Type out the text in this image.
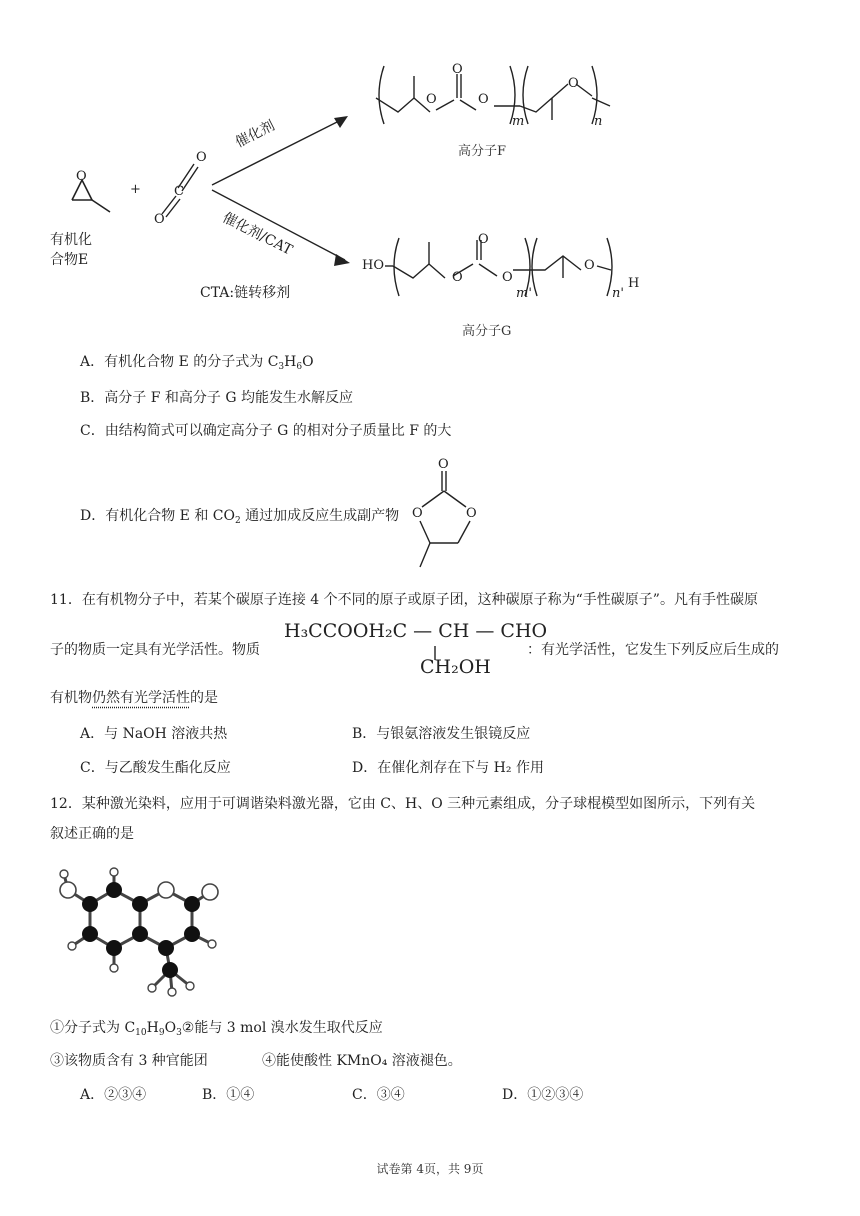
O
有机化
合物E
+
O
C
O
催化剂
催化剂/CAT
CTA:链转移剂
O
O
O
O
m	n
高分子F
HO
O
O
O
O
m'	n'
H
高分子G
A．有机化合物 E 的分子式为 $C_3H_6O$
B．高分子 F 和高分子 G 均能发生水解反应
C．由结构简式可以确定高分子 G 的相对分子质量比 F 的大
D．有机化合物 E 和 $CO_2$ 通过加成反应生成副产物
O
O	O
11．在有机物分子中，若某个碳原子连接 4 个不同的原子或原子团，这种碳原子称为“手性碳原子”。凡有手性碳原
子的物质一定具有光学活性。物质
H₃CCOOH₂C — CH — CHO
CH₂OH
：有光学活性，它发生下列反应后生成的
有机物仍然有光学活性的是
A．与 NaOH 溶液共热	B．与银氨溶液发生银镜反应
C．与乙酸发生酯化反应	D．在催化剂存在下与 H₂ 作用
12．某种激光染料，应用于可调谐染料激光器，它由 C、H、O 三种元素组成，分子球棍模型如图所示，下列有关
叙述正确的是
①分子式为 $C_{10}H_9O_3②$能与 3 mol 溴水发生取代反应
③该物质含有 3 种官能团	④能使酸性 KMnO₄ 溶液褪色。
A．②③④	B．①④	C．③④	D．①②③④
试卷第 4页，共 9页
